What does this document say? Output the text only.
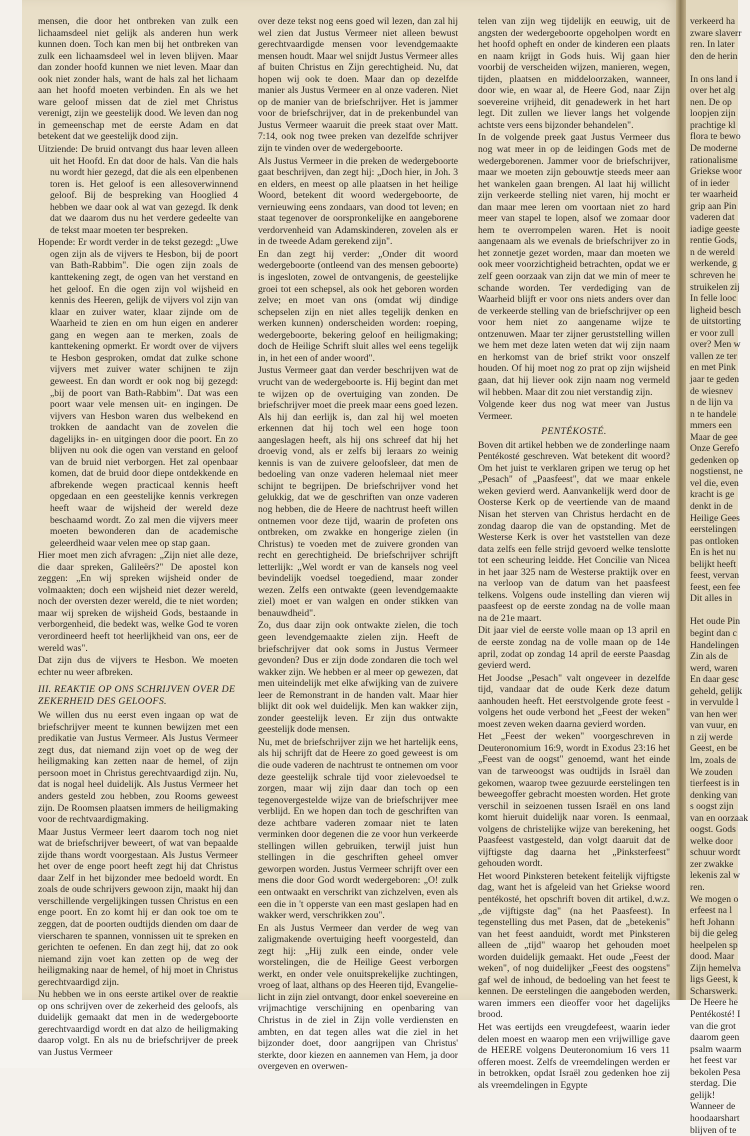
mensen, die door het ontbreken van zulk een lichaamsdeel niet gelijk als anderen hun werk kunnen doen. Toch kan men bij het ontbreken van zulk een lichaamsdeel wel in leven blijven. Maar dan zonder hoofd kunnen we niet leven. Maar dan ook niet zonder hals, want de hals zal het lichaam aan het hoofd moeten verbinden. En als we het ware geloof missen dat de ziel met Christus verenigt, zijn we geestelijk dood. We leven dan nog in gemeenschap met de eerste Adam en dat betekent dat we geestelijk dood zijn.

Uitziende: De bruid ontvangt dus haar leven alleen uit het Hoofd. En dat door de hals. Van die hals nu wordt hier gezegd, dat die als een elpenbenen toren is. Het geloof is een allesoverwinnend geloof. Bij de bespreking van Hooglied 4 hebben we daar ook al wat van gezegd. Ik denk dat we daarom dus nu het verdere gedeelte van de tekst maar moeten ter bespreken.

Hopende: Er wordt verder in de tekst gezegd: „Uwe ogen zijn als de vijvers te Hesbon, bij de poort van Bath-Rabbim". Die ogen zijn zoals de kanttekening zegt, de ogen van het verstand en het geloof. En die ogen zijn vol wijsheid en kennis des Heeren, gelijk de vijvers vol zijn van klaar en zuiver water, klaar zijnde om de Waarheid te zien en om hun eigen en anderer gang en wegen aan te merken, zoals de kanttekening opmerkt. Er wordt over de vijvers te Hesbon gesproken, omdat dat zulke schone vijvers met zuiver water schijnen te zijn geweest. En dan wordt er ook nog bij gezegd: „bij de poort van Bath-Rabbim". Dat was een poort waar vele mensen uit- en ingingen. De vijvers van Hesbon waren dus welbekend en trokken de aandacht van de zovelen die dagelijks in- en uitgingen door die poort. En zo blijven nu ook die ogen van verstand en geloof van de bruid niet verborgen. Het zal openbaar komen, dat de bruid door diepe ontdekkende en afbrekende wegen practicaal kennis heeft opgedaan en een geestelijke kennis verkregen heeft waar de wijsheid der wereld deze beschaamd wordt. Zo zal men die vijvers meer moeten bewonderen dan de academische geleerdheid waar velen mee op stap gaan.

Hier moet men zich afvragen: „Zijn niet alle deze, die daar spreken, Galileërs?" De apostel kon zeggen: „En wij spreken wijsheid onder de volmaakten; doch een wijsheid niet dezer wereld, noch der oversten dezer wereld, die te niet worden; maar wij spreken de wijsheid Gods, bestaande in verborgenheid, die bedekt was, welke God te voren verordineerd heeft tot heerlijkheid van ons, eer de wereld was".

Dat zijn dus de vijvers te Hesbon. We moeten echter nu weer afbreken.

III. REAKTIE OP ONS SCHRIJVEN OVER DE ZEKERHEID DES GELOOFS.

We willen dus nu eerst even ingaan op wat de briefschrijver meent te kunnen bewijzen met een predikatie van Justus Vermeer. Als Justus Vermeer zegt dus, dat niemand zijn voet op de weg der heiligmaking kan zetten naar de hemel, of zijn persoon moet in Christus gerechtvaardigd zijn. Nu, dat is nogal heel duidelijk. Als Justus Vermeer het anders gesteld zou hebben, zou Rooms geweest zijn. De Roomsen plaatsen immers de heiligmaking voor de rechtvaardigmaking.

Maar Justus Vermeer leert daarom toch nog niet wat de briefschrijver beweert, of wat van bepaalde zijde thans wordt voorgestaan. Als Justus Vermeer het over de enge poort heeft zegt hij dat Christus daar Zelf in het bijzonder mee bedoeld wordt. En zoals de oude schrijvers gewoon zijn, maakt hij dan verschillende vergelijkingen tussen Christus en een enge poort. En zo komt hij er dan ook toe om te zeggen, dat de poorten oudtijds dienden om daar de vierscharen te spannen, vonnissen uit te spreken en gerichten te oefenen. En dan zegt hij, dat zo ook niemand zijn voet kan zetten op de weg der heiligmaking naar de hemel, of hij moet in Christus gerechtvaardigd zijn.

Nu hebben we in ons eerste artikel over de reaktie op ons schrijven over de zekerheid des geloofs, als duidelijk gemaakt dat men in de wedergeboorte gerechtvaardigd wordt en dat alzo de heiligmaking daarop volgt. En als nu de briefschrijver de preek van Justus Vermeer

over deze tekst nog eens goed wil lezen, dan zal hij wel zien dat Justus Vermeer niet alleen bewust gerechtvaardigde mensen voor levendgemaakte mensen houdt. Maar wel snijdt Justus Vermeer alles af buiten Christus en Zijn gerechtigheid. Nu, dat hopen wij ook te doen. Maar dan op dezelfde manier als Justus Vermeer en al onze vaderen. Niet op de manier van de briefschrijver. Het is jammer voor de briefschrijver, dat in de prekenbundel van Justus Vermeer waaruit die preek staat over Matt. 7:14, ook nog twee preken van dezelfde schrijver zijn te vinden over de wedergeboorte.

Als Justus Vermeer in die preken de wedergeboorte gaat beschrijven, dan zegt hij: „Doch hier, in Joh. 3 en elders, en meest op alle plaatsen in het heilige Woord, betekent dit woord wedergeboorte, de vernieuwing eens zondaars, van dood tot leven; en staat tegenover de oorspronkelijke en aangeborene verdorvenheid van Adamskinderen, zovelen als er in de tweede Adam gerekend zijn".

En dan zegt hij verder: „Onder dit woord wedergeboorte (ontleend van des mensen geboorte) is ingesloten, zowel de ontvangenis, de geestelijke groei tot een schepsel, als ook het geboren worden zelve; en moet van ons (omdat wij dindige schepselen zijn en niet alles tegelijk denken en werken kunnen) onderscheiden worden: roeping, wedergeboorte, bekering geloof en heiligmaking; doch de Heilige Schrift sluit alles wel eens tegelijk in, in het een of ander woord".

Justus Vermeer gaat dan verder beschrijven wat de vrucht van de wedergeboorte is. Hij begint dan met te wijzen op de overtuiging van zonden. De briefschrijver moet die preek maar eens goed lezen. Als hij dan eerlijk is, dan zal hij wel moeten erkennen dat hij toch wel een hoge toon aangeslagen heeft, als hij ons schreef dat hij het droevig vond, als er zelfs bij leraars zo weinig kennis is van de zuivere geloofsleer, dat men de bedoeling van onze vaderen helemaal niet meer schijnt te begrijpen. De briefschrijver vond het gelukkig, dat we de geschriften van onze vaderen nog hebben, die de Heere de nachtrust heeft willen ontnemen voor deze tijd, waarin de profeten ons ontbreken, om zwakke en hongerige zielen (in Christus) te voeden met de zuivere gronden van recht en gerechtigheid. De briefschrijver schrijft letterlijk: „Wel wordt er van de kansels nog veel bevindelijk voedsel toegediend, maar zonder wezen. Zelfs een ontwakte (geen levendgemaakte ziel) moet er van walgen en onder stikken van benauwdheid".

Zo, dus daar zijn ook ontwakte zielen, die toch geen levendgemaakte zielen zijn. Heeft de briefschrijver dat ook soms in Justus Vermeer gevonden? Dus er zijn dode zondaren die toch wel wakker zijn. We hebben er al meer op gewezen, dat men uiteindelijk met elke afwijking van de zuivere leer de Remonstrant in de handen valt. Maar hier blijkt dit ook wel duidelijk. Men kan wakker zijn, zonder geestelijk leven. Er zijn dus ontwakte geestelijk dode mensen.

Nu, met de briefschrijver zijn we het hartelijk eens, als hij schrijft dat de Heere zo goed geweest is om die oude vaderen de nachtrust te ontnemen om voor deze geestelijk schrale tijd voor zielevoedsel te zorgen, maar wij zijn daar dan toch op een tegenovergestelde wijze van de briefschrijver mee verblijd. En we hopen dan toch de geschriften van deze achtbare vaderen zomaar niet te laten verminken door degenen die ze voor hun verkeerde stellingen willen gebruiken, terwijl juist hun stellingen in die geschriften geheel omver geworpen worden. Justus Vermeer schrijft over een mens die door God wordt wedergeboren: „O! zulk een ontwaakt en verschrikt van zichzelven, even als een die in 't opperste van een mast geslapen had en wakker werd, verschrikken zou".

En als Justus Vermeer dan verder de weg van zaligmakende overtuiging heeft voorgesteld, dan zegt hij: „Hij zulk een einde, onder vele worstelingen, die de Heilige Geest verborgen werkt, en onder vele onuitsprekelijke zuchtingen, vroeg of laat, althans op des Heeren tijd, Evangelie-licht in zijn ziel ontvangt, door enkel soevereine en vrijmachtige verschijning en openbaring van Christus in de ziel in Zijn volle verdiensten en ambten, en dat tegen alles wat die ziel in het bijzonder doet, door aangrijpen van Christus' sterkte, door kiezen en aannemen van Hem, ja door overgeven en overwen-

telen van zijn weg tijdelijk en eeuwig, uit de angsten der wedergeboorte opgeholpen wordt en het hoofd opheft en onder de kinderen een plaats en naam krijgt in Gods huis. Wij gaan hier voorbij de verscheiden wijzen, manieren, wegen, tijden, plaatsen en middeloorzaken, wanneer, door wie, en waar al, de Heere God, naar Zijn soevereine vrijheid, dit genadewerk in het hart legt. Dit zullen we liever langs het volgende achtste vers eens bijzonder behandelen".

In de volgende preek gaat Justus Vermeer dus nog wat meer in op de leidingen Gods met de wedergeborenen. Jammer voor de briefschrijver, maar we moeten zijn gebouwtje steeds meer aan het wankelen gaan brengen. Al laat hij willicht zijn verkeerde stelling niet varen, hij mocht er dan maar mee leren om voortaan niet zo hard meer van stapel te lopen, alsof we zomaar door hem te overrompelen waren. Het is nooit aangenaam als we evenals de briefschrijver zo in het zonnetje gezet worden, maar dan moeten we ook meer voorzichtigheid betrachten, opdat we er zelf geen oorzaak van zijn dat we min of meer te schande worden. Ter verdediging van de Waarheid blijft er voor ons niets anders over dan de verkeerde stelling van de briefschrijver op een voor hem niet zo aangename wijze te ontzenuwen. Maar ter zijner geruststelling willen we hem met deze laten weten dat wij zijn naam en herkomst van de brief strikt voor onszelf houden. Of hij moet nog zo prat op zijn wijsheid gaan, dat hij liever ook zijn naam nog vermeld wil hebben. Maar dit zou niet verstandig zijn.

Volgende keer dus nog wat meer van Justus Vermeer.

PENTÉKOSTÉ.

Boven dit artikel hebben we de zonderlinge naam Pentékosté geschreven. Wat betekent dit woord? Om het juist te verklaren gripen we terug op het „Pesach" of „Paasfeest", dat we maar enkele weken gevierd werd. Aanvankelijk werd door de Oosterse Kerk op de veertiende van de maand Nisan het sterven van Christus herdacht en de zondag daarop die van de opstanding. Met de Westerse Kerk is over het vaststellen van deze data zelfs een felle strijd gevoerd welke tenslotte tot een scheuring leidde. Het Concilie van Nicea in het jaar 325 nam de Westerse praktijk over en na verloop van de datum van het paasfeest telkens. Volgens oude instelling dan vieren wij paasfeest op de eerste zondag na de volle maan na de 21e maart.

Dit jaar viel de eerste volle maan op 13 april en de eerste zondag na de volle maan op de 14e april, zodat op zondag 14 april de eerste Paasdag gevierd werd.

Het Joodse „Pesach" valt ongeveer in dezelfde tijd, vandaar dat de oude Kerk deze datum aanhouden heeft. Het eerstvolgende grote feest - volgens het oude verbond het „Feest der weken" moest zeven weken daarna gevierd worden.

Het „Feest der weken" voorgeschreven in Deuteronomium 16:9, wordt in Exodus 23:16 het „Feest van de oogst" genoemd, want het einde van de tarweoogst was oudtijds in Israël dan gekomen, waarop twee gezuurde eerstelingen ten beweegoffer gebracht moesten worden. Het grote verschil in seizoenen tussen Israël en ons land komt hieruit duidelijk naar voren. Is eenmaal, volgens de christelijke wijze van berekening, het Paasfeest vastgesteld, dan volgt daaruit dat de vijftigste dag daarna het „Pinksterfeest" gehouden wordt.

Het woord Pinksteren betekent feitelijk vijftigste dag, want het is afgeleid van het Griekse woord pentékosté, het opschrift boven dit artikel, d.w.z. „de vijftigste dag" (na het Paasfeest). In tegenstelling dus met Pasen, dat de „betekenis" van het feest aanduidt, wordt met Pinksteren alleen de „tijd" waarop het gehouden moet worden duidelijk gemaakt. Het oude „Feest der weken", of nog duidelijker „Feest des oogstens" gaf wel de inhoud, de bedoeling van het feest te kennen. De eerstelingen die aangeboden werden, waren immers een dieoffer voor het dagelijks brood.

Het was eertijds een vreugdefeest, waarin ieder delen moest en waarop men een vrijwillige gave de HEERE volgens Deuteronomium 16 vers 11 offeren moest. Zelfs de vreemdelingen werden er in betrokken, opdat Israël zou gedenken hoe zij als vreemdelingen in Egypte

verkeerd ha
zware slaverr
ren. In later
den de herin
In ons land i
over het alg
nen. De op
loopjen zijn
prachtige kl
flora te bewo
De moderne
rationalisme
Griekse woor
of in ieder
ter waarheid
grip aan Pin
vaderen dat
iadige geeste
rentie Gods,
n de wereld
werkende, g
schreven he
struikelen zij
In felle looc
ligheid besch
de uitstorting
er voor zull
over? Men w
vallen ze ter
en met Pink
jaar te geden
de wiesnev
n de lijn va
n te handele
mmers een
Maar de gee
Onze Gerefo
gedenken op
nogstienst, ne
vel die, even
kracht is ge
denkt in de
Heilige Gees
eerstelingen
pas ontloken
En is het nu
belijkt heeft
feest, vervan
feest, een fee
Dit alles in
Het oude Pin
begint dan c
Handelingen
Zin als de
werd, waren
En daar gesc
geheld, gelijk
in vervulde l
van hen wer
van vuur, en
n zij werde
Geest, en be
lm, zoals de
We zouden
tierfeest is in
denking van
s oogst zijn
van en oorzaak
oogst. Gods
welke door
schuur wordt
zer zwakke
lekenis zal w
ren.
We mogen o
erfeest na l
heft Johann
bij die geleg
heelpelen sp
dood. Maar
Zijn hemelva
ligs Geest, k
Scharswerk.
De Heere he
Pentékosté! I
van die grot
daarom geen
psalm waarm
het feest var
bekolen Pesa
sterdag. Die
gelijk!
Wanneer de
hoodaarshart
blijven of te
